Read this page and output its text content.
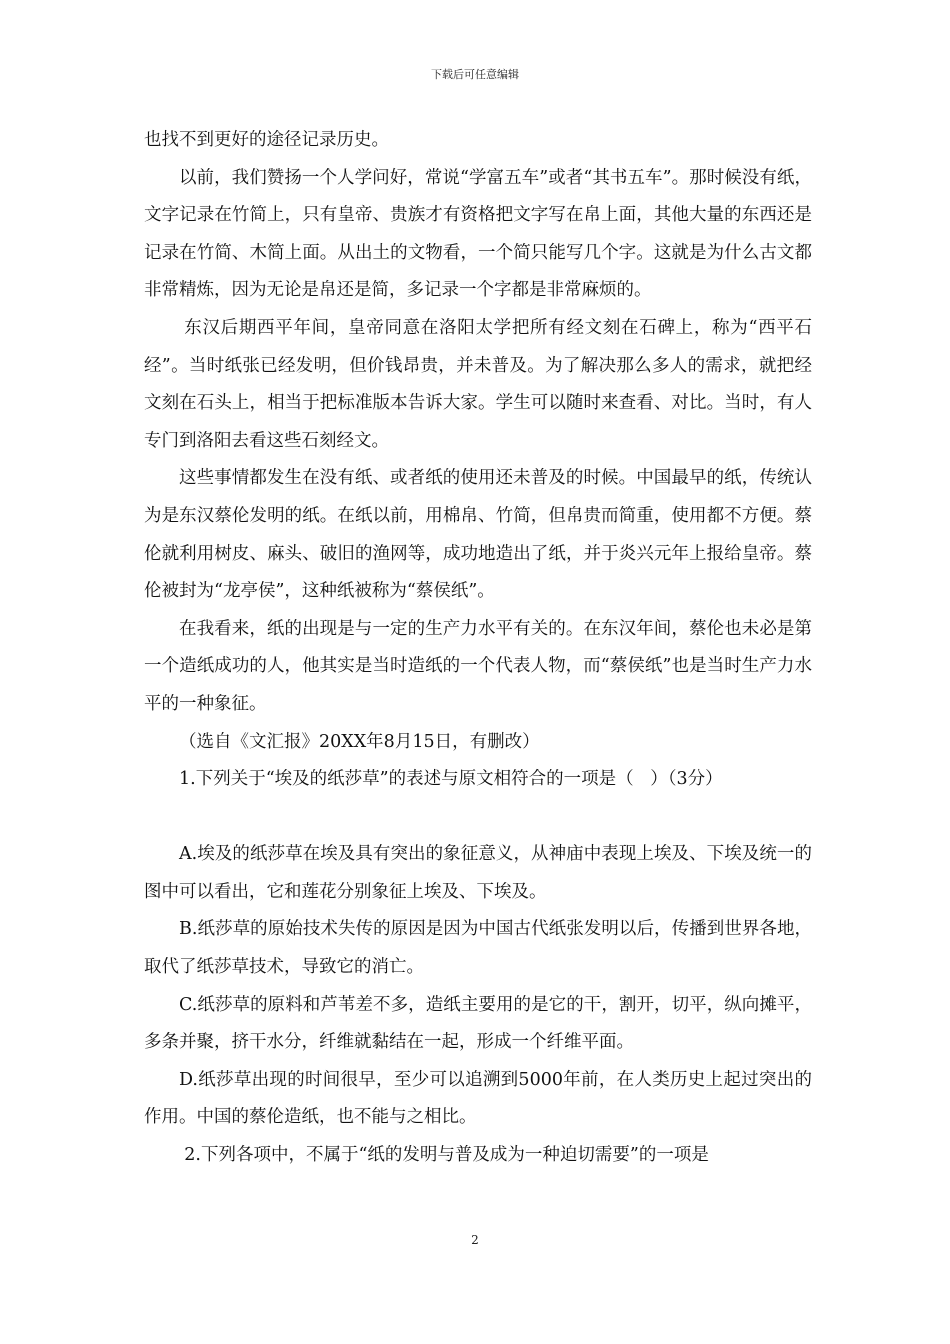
下载后可任意编辑

也找不到更好的途径记录历史。

以前，我们赞扬一个人学问好，常说“学富五车”或者“其书五车”。那时候没有纸，文字记录在竹简上，只有皇帝、贵族才有资格把文字写在帛上面，其他大量的东西还是记录在竹简、木简上面。从出土的文物看，一个简只能写几个字。这就是为什么古文都非常精炼，因为无论是帛还是简，多记录一个字都是非常麻烦的。

东汉后期西平年间，皇帝同意在洛阳太学把所有经文刻在石碑上，称为“西平石经”。当时纸张已经发明，但价钱昂贵，并未普及。为了解决那么多人的需求，就把经文刻在石头上，相当于把标准版本告诉大家。学生可以随时来查看、对比。当时，有人专门到洛阳去看这些石刻经文。

这些事情都发生在没有纸、或者纸的使用还未普及的时候。中国最早的纸，传统认为是东汉蔡伦发明的纸。在纸以前，用棉帛、竹简，但帛贵而简重，使用都不方便。蔡伦就利用树皮、麻头、破旧的渔网等，成功地造出了纸，并于炎兴元年上报给皇帝。蔡伦被封为“龙亭侯”，这种纸被称为“蔡侯纸”。

在我看来，纸的出现是与一定的生产力水平有关的。在东汉年间，蔡伦也未必是第一个造纸成功的人，他其实是当时造纸的一个代表人物，而“蔡侯纸”也是当时生产力水平的一种象征。

（选自《文汇报》20XX年8月15日，有删改）

1.下列关于“埃及的纸莎草”的表述与原文相符合的一项是（   ）（3分）

A.埃及的纸莎草在埃及具有突出的象征意义，从神庙中表现上埃及、下埃及统一的图中可以看出，它和莲花分别象征上埃及、下埃及。

B.纸莎草的原始技术失传的原因是因为中国古代纸张发明以后，传播到世界各地，取代了纸莎草技术，导致它的消亡。

C.纸莎草的原料和芦苇差不多，造纸主要用的是它的干，割开，切平，纵向摊平，多条并聚，挤干水分，纤维就黏结在一起，形成一个纤维平面。

D.纸莎草出现的时间很早，至少可以追溯到5000年前，在人类历史上起过突出的作用。中国的蔡伦造纸，也不能与之相比。

2.下列各项中，不属于“纸的发明与普及成为一种迫切需要”的一项是

2
